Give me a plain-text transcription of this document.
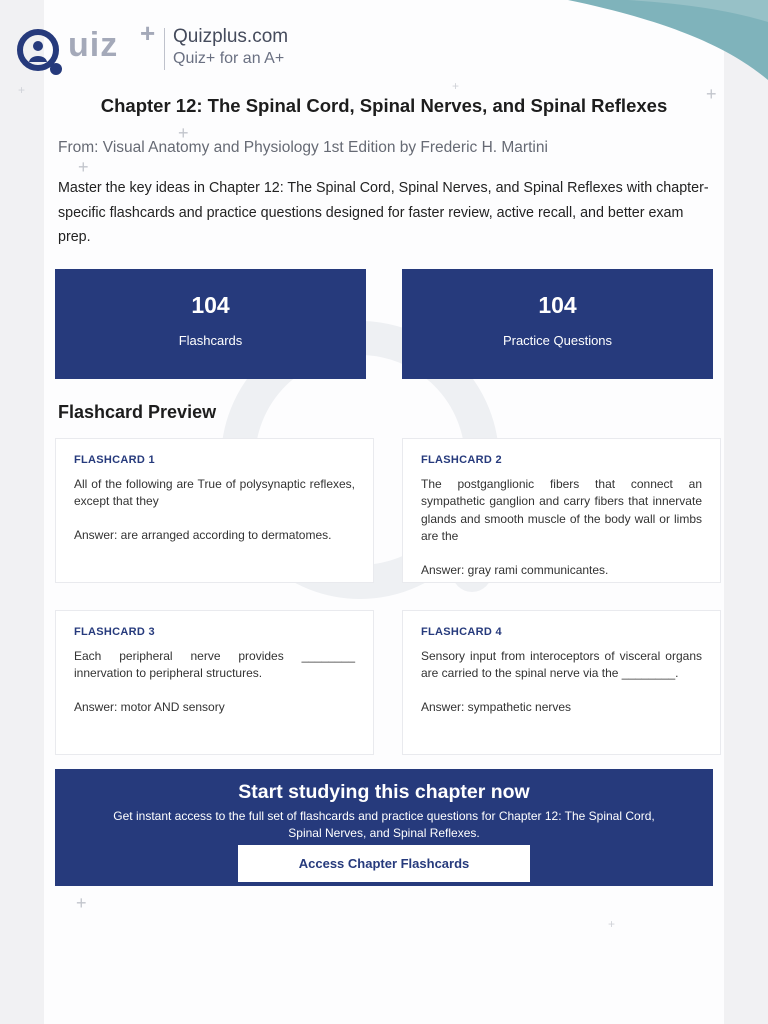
+
+
+
+
+
+
+
uiz + Quizplus.com
Quiz+ for an A+
Chapter 12: The Spinal Cord, Spinal Nerves, and Spinal Reflexes

From: Visual Anatomy and Physiology 1st Edition by Frederic H. Martini

Master the key ideas in Chapter 12: The Spinal Cord, Spinal Nerves, and Spinal Reflexes with chapter-specific flashcards and practice questions designed for faster review, active recall, and better exam prep.

104
Flashcards
104
Practice Questions
Flashcard Preview
FLASHCARD 1
All of the following are True of polysynaptic reflexes, except that they
Answer: are arranged according to dermatomes.
FLASHCARD 2
The postganglionic fibers that connect an sympathetic ganglion and carry fibers that innervate glands and smooth muscle of the body wall or limbs are the
Answer: gray rami communicantes.
FLASHCARD 3
Each peripheral nerve provides ________ innervation to peripheral structures.
Answer: motor AND sensory
FLASHCARD 4
Sensory input from interoceptors of visceral organs are carried to the spinal nerve via the ________.
Answer: sympathetic nerves
Start studying this chapter now
Get instant access to the full set of flashcards and practice questions for Chapter 12: The Spinal Cord, Spinal Nerves, and Spinal Reflexes.
Access Chapter Flashcards
